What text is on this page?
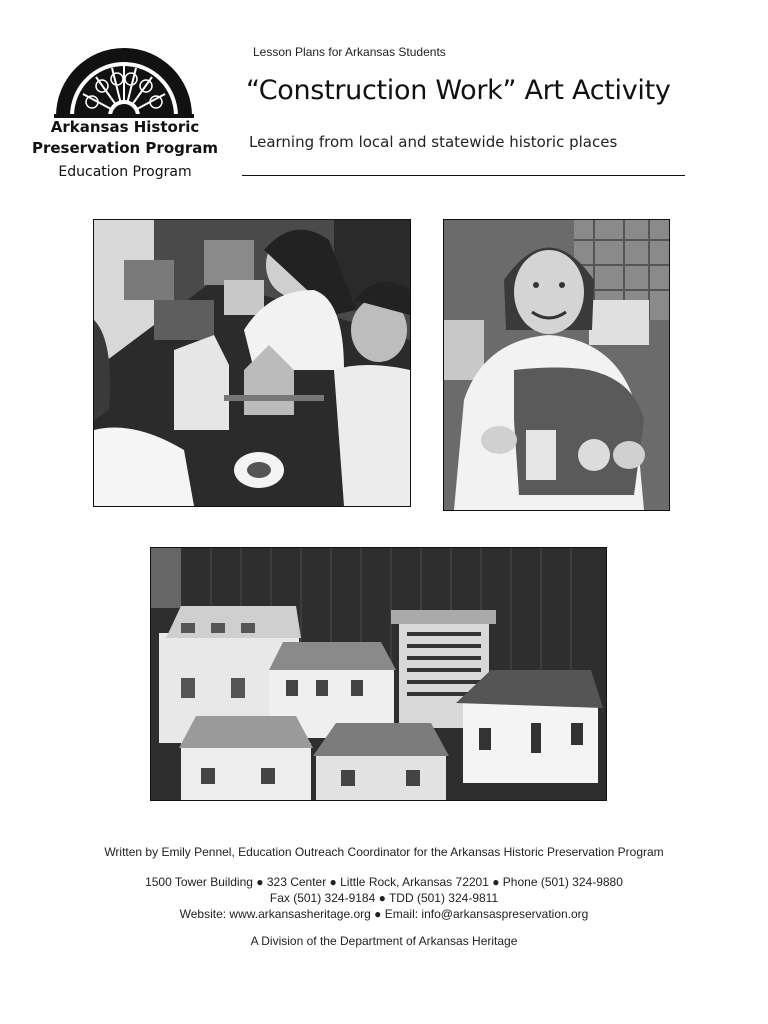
Arkansas Historic
Preservation Program
Education Program
Lesson Plans for Arkansas Students
“Construction Work” Art Activity
Learning from local and statewide historic places
Written by Emily Pennel, Education Outreach Coordinator for the Arkansas Historic Preservation Program
1500 Tower Building ● 323 Center ● Little Rock, Arkansas 72201 ● Phone (501) 324-9880
Fax (501) 324-9184 ● TDD (501) 324-9811
Website: www.arkansasheritage.org ● Email: info@arkansaspreservation.org
A Division of the Department of Arkansas Heritage
